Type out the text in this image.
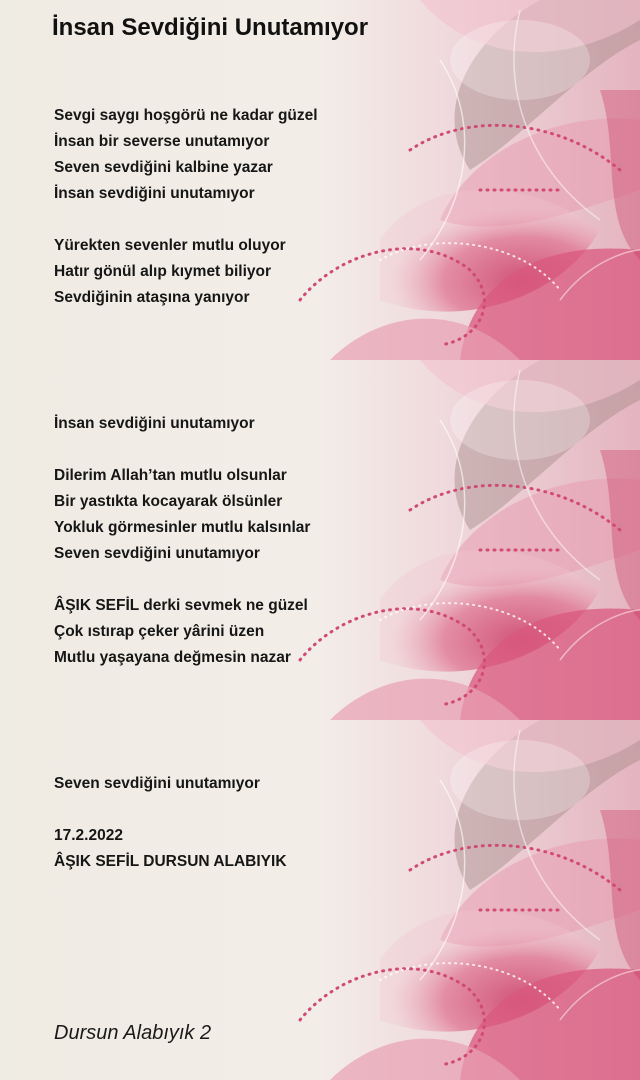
İnsan Sevdiğini Unutamıyor

Sevgi saygı hoşgörü ne kadar güzel

İnsan bir severse unutamıyor

Seven sevdiğini kalbine yazar

İnsan sevdiğini unutamıyor

Yürekten sevenler mutlu oluyor

Hatır gönül alıp kıymet biliyor

Sevdiğinin ataşına yanıyor

İnsan sevdiğini unutamıyor

Dilerim Allah’tan mutlu olsunlar

Bir yastıkta kocayarak ölsünler

Yokluk görmesinler mutlu kalsınlar

Seven sevdiğini unutamıyor

ÂŞIK SEFİL derki sevmek ne güzel

Çok ıstırap çeker yârini üzen

Mutlu yaşayana değmesin nazar

Seven sevdiğini unutamıyor

17.2.2022

ÂŞIK SEFİL DURSUN ALABIYIK

Dursun Alabıyık 2
